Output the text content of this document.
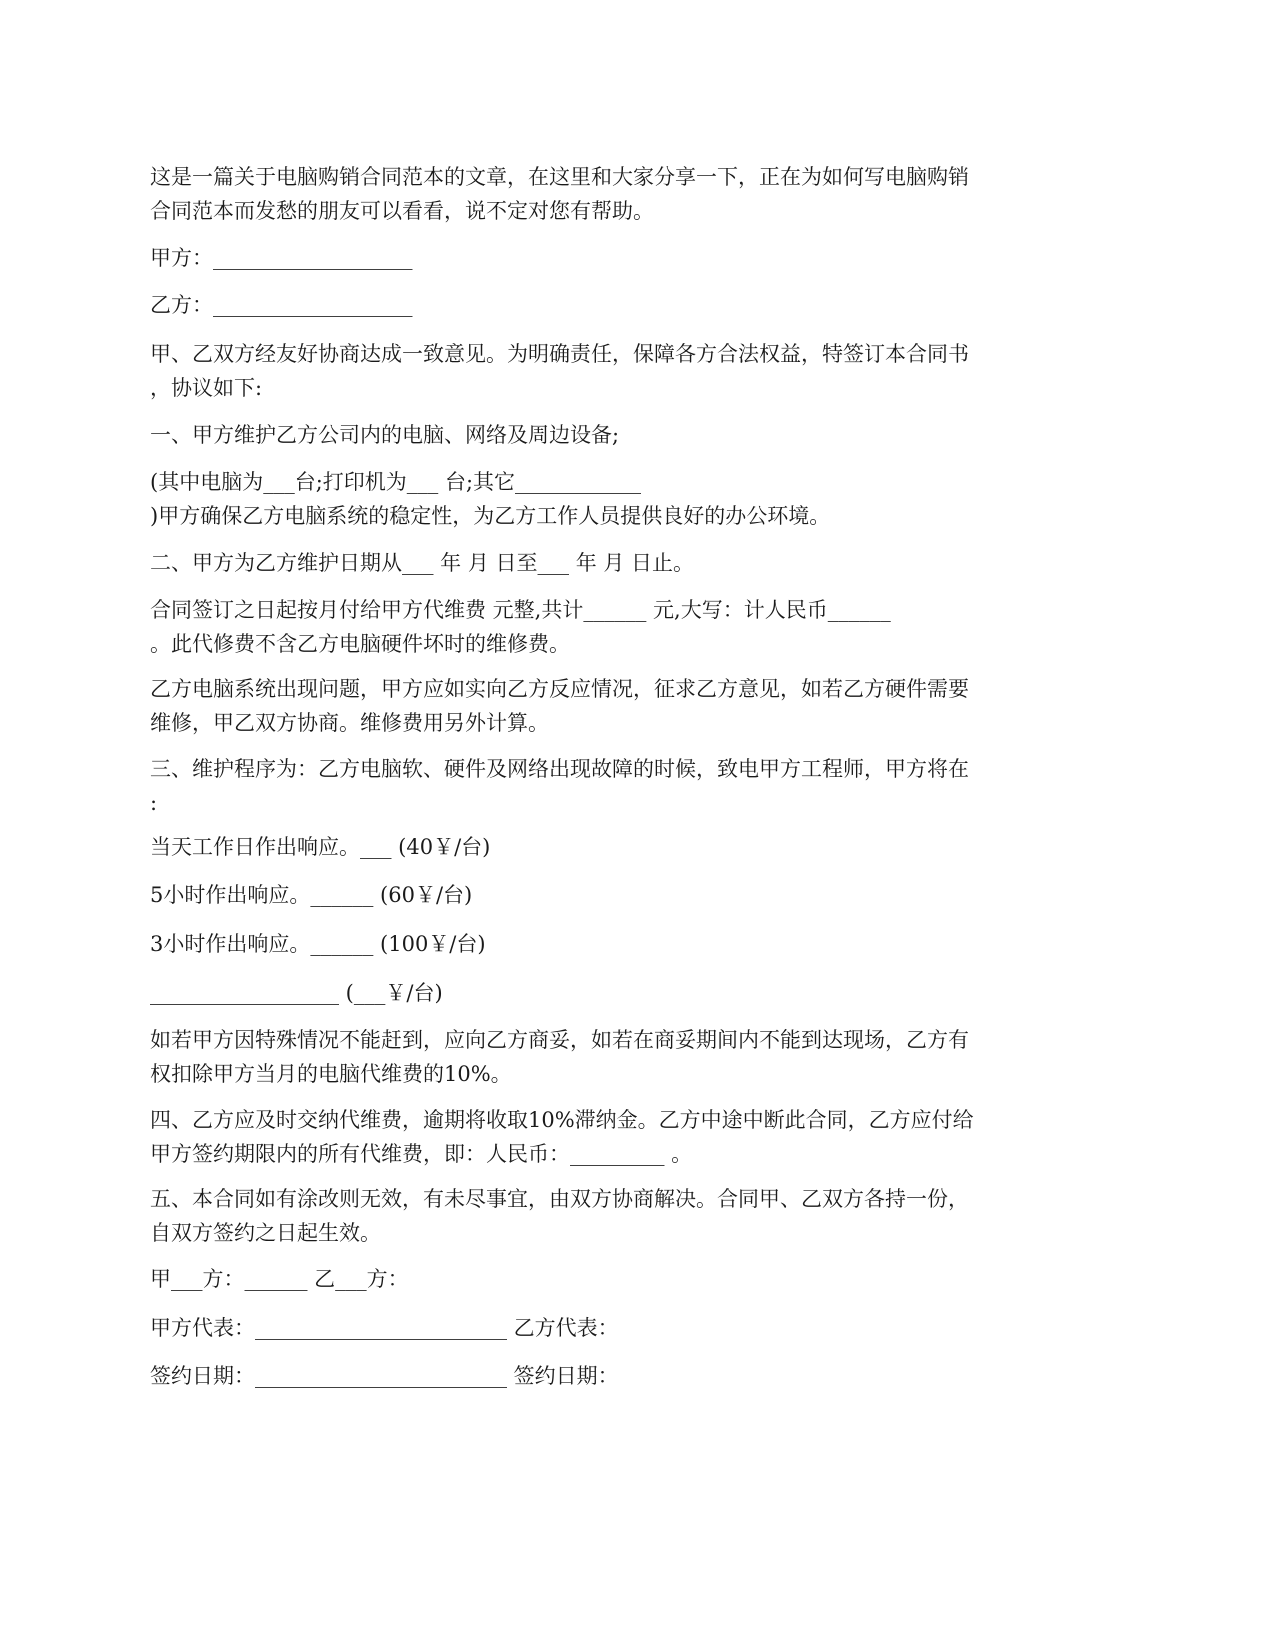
这是一篇关于电脑购销合同范本的文章，在这里和大家分享一下，正在为如何写电脑购销
合同范本而发愁的朋友可以看看，说不定对您有帮助。

甲方：___________________

乙方：___________________

甲、乙双方经友好协商达成一致意见。为明确责任，保障各方合法权益，特签订本合同书
，协议如下:

一、甲方维护乙方公司内的电脑、网络及周边设备;

(其中电脑为___台;打印机为___ 台;其它____________
)甲方确保乙方电脑系统的稳定性，为乙方工作人员提供良好的办公环境。

二、甲方为乙方维护日期从___ 年 月 日至___ 年 月 日止。

合同签订之日起按月付给甲方代维费 元整,共计______ 元,大写：计人民币______
。此代修费不含乙方电脑硬件坏时的维修费。

乙方电脑系统出现问题，甲方应如实向乙方反应情况，征求乙方意见，如若乙方硬件需要
维修，甲乙双方协商。维修费用另外计算。

三、维护程序为：乙方电脑软、硬件及网络出现故障的时候，致电甲方工程师，甲方将在
:

当天工作日作出响应。___ (40￥/台)

5小时作出响应。______ (60￥/台)

3小时作出响应。______ (100￥/台)

__________________ (___￥/台)

如若甲方因特殊情况不能赶到，应向乙方商妥，如若在商妥期间内不能到达现场，乙方有
权扣除甲方当月的电脑代维费的10%。

四、乙方应及时交纳代维费，逾期将收取10%滞纳金。乙方中途中断此合同，乙方应付给
甲方签约期限内的所有代维费，即：人民币：_________ 。

五、本合同如有涂改则无效，有未尽事宜，由双方协商解决。合同甲、乙双方各持一份，
自双方签约之日起生效。

甲___方：______ 乙___方：

甲方代表：________________________ 乙方代表：

签约日期：________________________ 签约日期：
